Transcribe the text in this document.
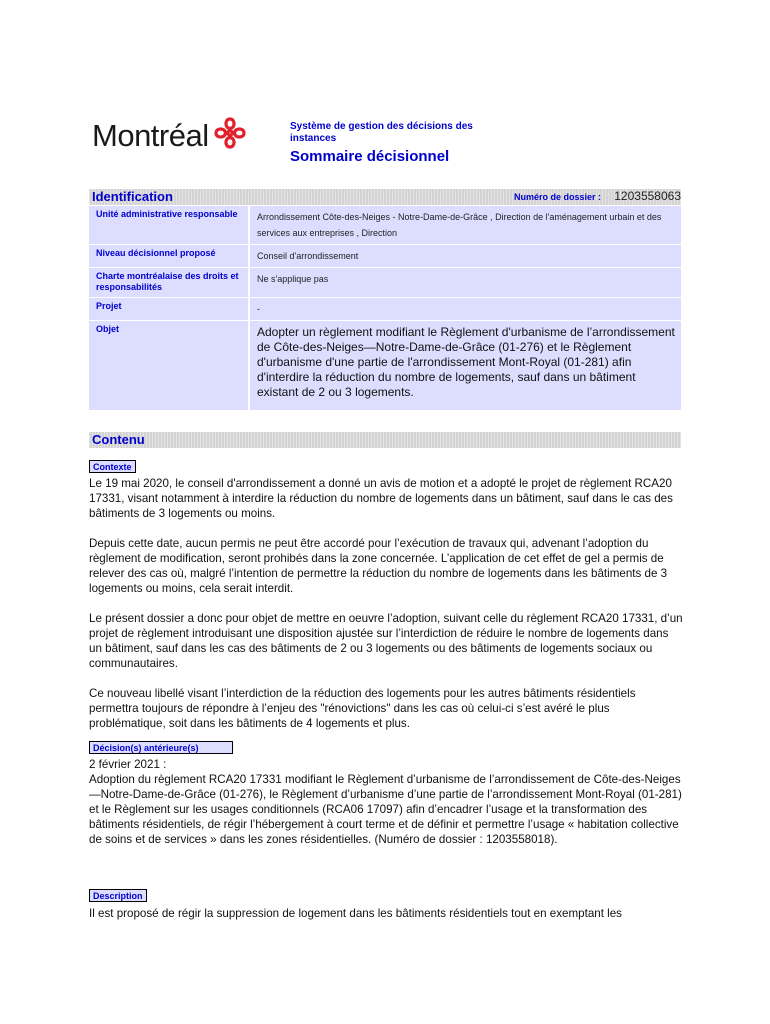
Montréal	Système de gestion des décisions des instances
Sommaire décisionnel
Identification	Numéro de dossier : 1203558063
Unité administrative responsable	Arrondissement Côte-des-Neiges - Notre-Dame-de-Grâce , Direction de l'aménagement urbain et des services aux entreprises , Direction
Niveau décisionnel proposé	Conseil d'arrondissement
Charte montréalaise des droits et responsabilités	Ne s'applique pas
Projet	-
Objet	Adopter un règlement modifiant le Règlement d'urbanisme de l’arrondissement de Côte-des-Neiges—Notre-Dame-de-Grâce (01-276) et le Règlement d'urbanisme d'une partie de l'arrondissement Mont-Royal (01-281) afin d'interdire la réduction du nombre de logements, sauf dans un bâtiment existant de 2 ou 3 logements.
Contenu
Contexte

Le 19 mai 2020, le conseil d'arrondissement a donné un avis de motion et a adopté le projet de règlement RCA20 17331, visant notamment à interdire la réduction du nombre de logements dans un bâtiment, sauf dans le cas des bâtiments de 3 logements ou moins.

Depuis cette date, aucun permis ne peut être accordé pour l’exécution de travaux qui, advenant l’adoption du règlement de modification, seront prohibés dans la zone concernée. L’application de cet effet de gel a permis de relever des cas où, malgré l’intention de permettre la réduction du nombre de logements dans les bâtiments de 3 logements ou moins, cela serait interdit.

Le présent dossier a donc pour objet de mettre en oeuvre l’adoption, suivant celle du règlement RCA20 17331, d’un projet de règlement introduisant une disposition ajustée sur l’interdiction de réduire le nombre de logements dans un bâtiment, sauf dans les cas des bâtiments de 2 ou 3 logements ou des bâtiments de logements sociaux ou communautaires.

Ce nouveau libellé visant l’interdiction de la réduction des logements pour les autres bâtiments résidentiels permettra toujours de répondre à l’enjeu des "rénovictions" dans les cas où celui-ci s’est avéré le plus problématique, soit dans les bâtiments de 4 logements et plus.

Décision(s) antérieure(s)
2 février 2021 :
Adoption du règlement RCA20 17331 modifiant le Règlement d’urbanisme de l’arrondissement de Côte-des-Neiges—Notre-Dame-de-Grâce (01-276), le Règlement d’urbanisme d’une partie de l’arrondissement Mont-Royal (01-281) et le Règlement sur les usages conditionnels (RCA06 17097) afin d’encadrer l’usage et la transformation des bâtiments résidentiels, de régir l’hébergement à court terme et de définir et permettre l’usage « habitation collective de soins et de services » dans les zones résidentielles. (Numéro de dossier : 1203558018).
Description
Il est proposé de régir la suppression de logement dans les bâtiments résidentiels tout en exemptant les
